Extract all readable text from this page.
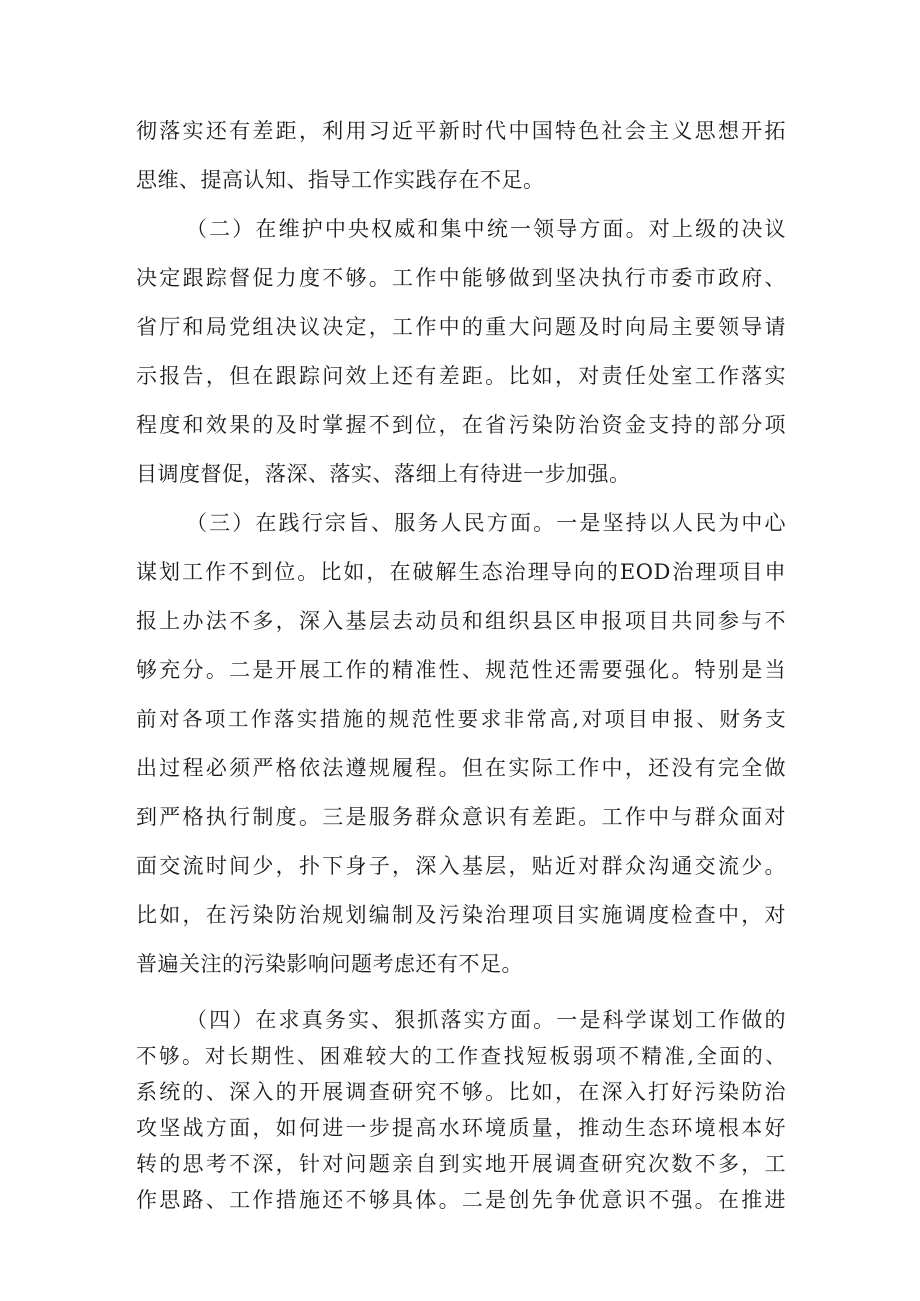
彻落实还有差距，利用习近平新时代中国特色社会主义思想开拓
思维、提高认知、指导工作实践存在不足。
（二）在维护中央权威和集中统一领导方面。对上级的决议
决定跟踪督促力度不够。工作中能够做到坚决执行市委市政府、
省厅和局党组决议决定，工作中的重大问题及时向局主要领导请
示报告，但在跟踪问效上还有差距。比如，对责任处室工作落实
程度和效果的及时掌握不到位，在省污染防治资金支持的部分项
目调度督促，落深、落实、落细上有待进一步加强。
（三）在践行宗旨、服务人民方面。一是坚持以人民为中心
谋划工作不到位。比如，在破解生态治理导向的EOD治理项目申
报上办法不多，深入基层去动员和组织县区申报项目共同参与不
够充分。二是开展工作的精准性、规范性还需要强化。特别是当
前对各项工作落实措施的规范性要求非常高,对项目申报、财务支
出过程必须严格依法遵规履程。但在实际工作中，还没有完全做
到严格执行制度。三是服务群众意识有差距。工作中与群众面对
面交流时间少，扑下身子，深入基层，贴近对群众沟通交流少。
比如，在污染防治规划编制及污染治理项目实施调度检查中，对
普遍关注的污染影响问题考虑还有不足。
（四）在求真务实、狠抓落实方面。一是科学谋划工作做的
不够。对长期性、困难较大的工作查找短板弱项不精准,全面的、
系统的、深入的开展调查研究不够。比如，在深入打好污染防治
攻坚战方面，如何进一步提高水环境质量，推动生态环境根本好
转的思考不深，针对问题亲自到实地开展调查研究次数不多，工
作思路、工作措施还不够具体。二是创先争优意识不强。在推进
